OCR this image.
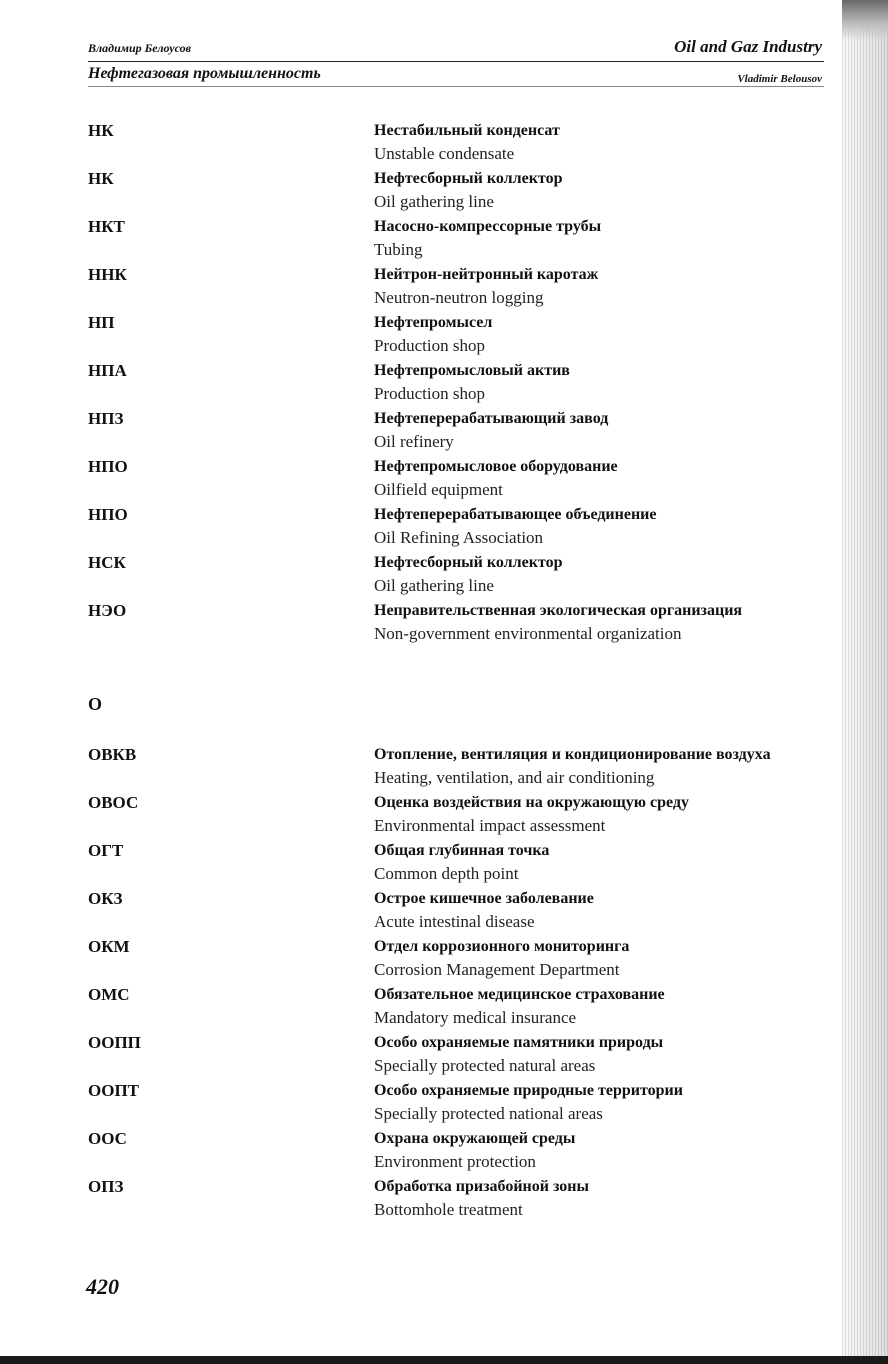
Владимир Белоусов	Oil and Gaz Industry
Нефтегазовая промышленность	Vladimir Belousov
НК	Нестабильный конденсат
Unstable condensate
НК	Нефтесборный коллектор
Oil gathering line
НКТ	Насосно-компрессорные трубы
Tubing
ННК	Нейтрон-нейтронный каротаж
Neutron-neutron logging
НП	Нефтепромысел
Production shop
НПА	Нефтепромысловый актив
Production shop
НПЗ	Нефтеперерабатывающий завод
Oil refinery
НПО	Нефтепромысловое оборудование
Oilfield equipment
НПО	Нефтеперерабатывающее объединение
Oil Refining Association
НСК	Нефтесборный коллектор
Oil gathering line
НЭО	Неправительственная экологическая организация
Non-government environmental organization
О
ОВКВ	Отопление, вентиляция и кондиционирование воздуха
Heating, ventilation, and air conditioning
ОВОС	Оценка воздействия на окружающую среду
Environmental impact assessment
ОГТ	Общая глубинная точка
Common depth point
ОКЗ	Острое кишечное заболевание
Acute intestinal disease
ОКМ	Отдел коррозионного мониторинга
Corrosion Management Department
ОМС	Обязательное медицинское страхование
Mandatory medical insurance
ООПП	Особо охраняемые памятники природы
Specially protected natural areas
ООПТ	Особо охраняемые природные территории
Specially protected national areas
ООС	Охрана окружающей среды
Environment protection
ОПЗ	Обработка призабойной зоны
Bottomhole treatment
420
